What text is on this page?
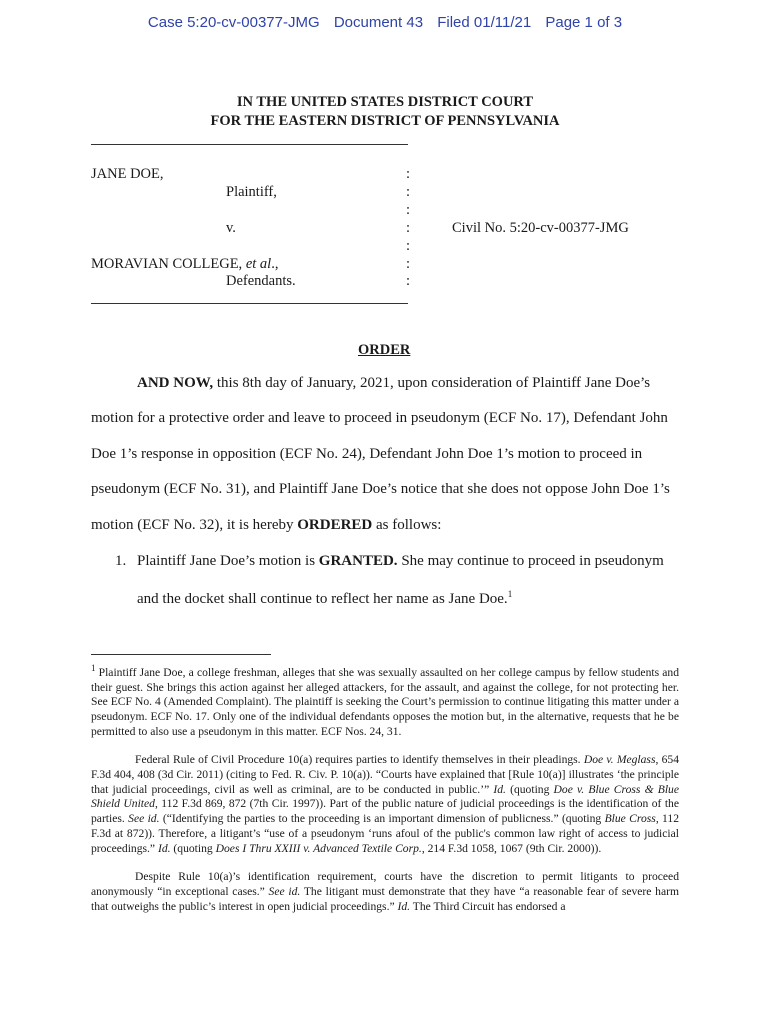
Case 5:20-cv-00377-JMG Document 43 Filed 01/11/21 Page 1 of 3
IN THE UNITED STATES DISTRICT COURT
FOR THE EASTERN DISTRICT OF PENNSYLVANIA
JANE DOE,
Plaintiff,
v.
MORAVIAN COLLEGE, et al.,
Defendants.
:
:
:
:
:
:
:
Civil No. 5:20-cv-00377-JMG
ORDER
AND NOW, this 8th day of January, 2021, upon consideration of Plaintiff Jane Doe’s
motion for a protective order and leave to proceed in pseudonym (ECF No. 17), Defendant John
Doe 1’s response in opposition (ECF No. 24), Defendant John Doe 1’s motion to proceed in
pseudonym (ECF No. 31), and Plaintiff Jane Doe’s notice that she does not oppose John Doe 1’s
motion (ECF No. 32), it is hereby ORDERED as follows:
1. Plaintiff Jane Doe’s motion is GRANTED. She may continue to proceed in pseudonym
and the docket shall continue to reflect her name as Jane Doe.$^1$

$^1$ Plaintiff Jane Doe, a college freshman, alleges that she was sexually assaulted on her college campus by fellow students and their guest. She brings this action against her alleged attackers, for the assault, and against the college, for not protecting her. See ECF No. 4 (Amended Complaint). The plaintiff is seeking the Court’s permission to continue litigating this matter under a pseudonym. ECF No. 17. Only one of the individual defendants opposes the motion but, in the alternative, requests that he be permitted to also use a pseudonym in this matter. ECF Nos. 24, 31.

Federal Rule of Civil Procedure 10(a) requires parties to identify themselves in their pleadings. Doe v. Meglass, 654 F.3d 404, 408 (3d Cir. 2011) (citing to Fed. R. Civ. P. 10(a)). “Courts have explained that [Rule 10(a)] illustrates ‘the principle that judicial proceedings, civil as well as criminal, are to be conducted in public.’” Id. (quoting Doe v. Blue Cross & Blue Shield United, 112 F.3d 869, 872 (7th Cir. 1997)). Part of the public nature of judicial proceedings is the identification of the parties. See id. (“Identifying the parties to the proceeding is an important dimension of publicness.” (quoting Blue Cross, 112 F.3d at 872)). Therefore, a litigant’s “use of a pseudonym ‘runs afoul of the public's common law right of access to judicial proceedings.” Id. (quoting Does I Thru XXIII v. Advanced Textile Corp., 214 F.3d 1058, 1067 (9th Cir. 2000)).

Despite Rule 10(a)’s identification requirement, courts have the discretion to permit litigants to proceed anonymously “in exceptional cases.” See id. The litigant must demonstrate that they have “a reasonable fear of severe harm that outweighs the public’s interest in open judicial proceedings.” Id. The Third Circuit has endorsed a
